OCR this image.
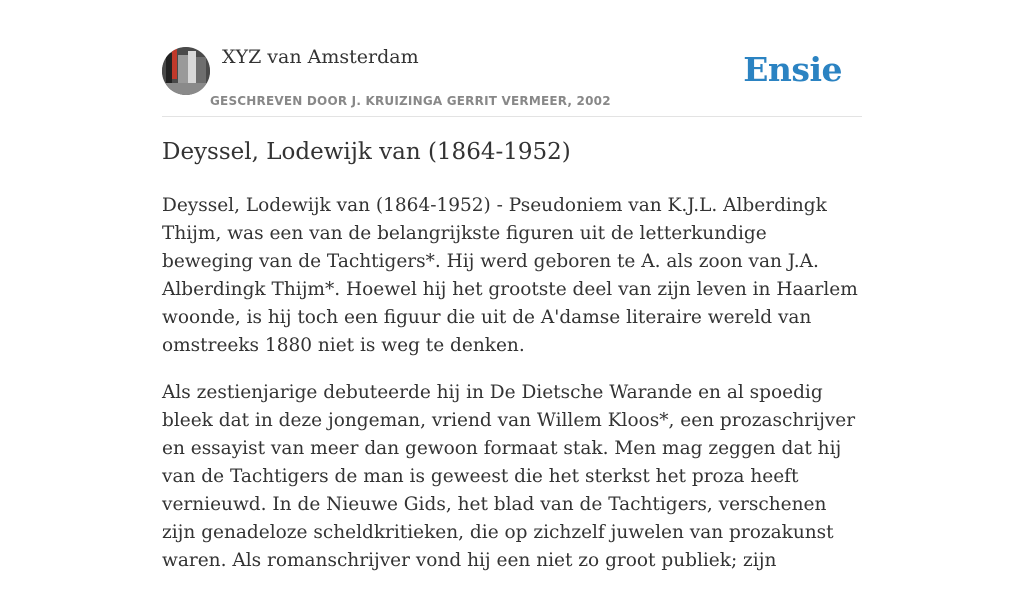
XYZ van Amsterdam
GESCHREVEN DOOR J. KRUIZINGA GERRIT VERMEER, 2002
Ensie
Deyssel, Lodewijk van (1864-1952)

Deyssel, Lodewijk van (1864-1952) - Pseudoniem van K.J.L. Alberdingk Thijm, was een van de belangrijkste figuren uit de letterkundige beweging van de Tachtigers*. Hij werd geboren te A. als zoon van J.A. Alberdingk Thijm*. Hoewel hij het grootste deel van zijn leven in Haarlem woonde, is hij toch een figuur die uit de A'damse literaire wereld van omstreeks 1880 niet is weg te denken.

Als zestienjarige debuteerde hij in De Dietsche Warande en al spoedig bleek dat in deze jongeman, vriend van Willem Kloos*, een prozaschrijver en essayist van meer dan gewoon formaat stak. Men mag zeggen dat hij van de Tachtigers de man is geweest die het sterkst het proza heeft vernieuwd. In de Nieuwe Gids, het blad van de Tachtigers, verschenen zijn genadeloze scheldkritieken, die op zichzelf juwelen van prozakunst waren. Als romanschrijver vond hij een niet zo groot publiek; zijn
